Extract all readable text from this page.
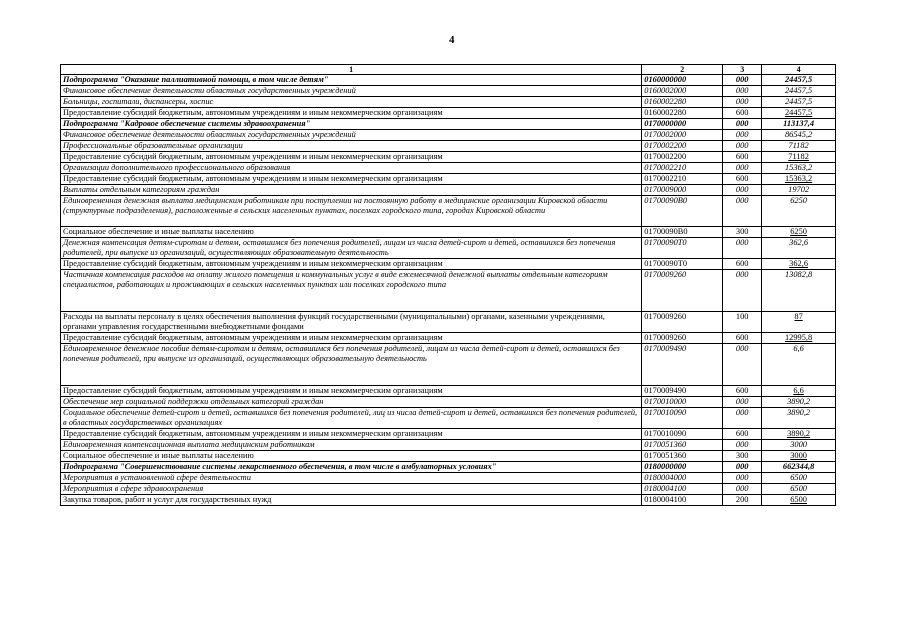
4
1	2	3	4
Подпрограмма "Оказание паллиативной помощи, в том числе детям"	0160000000	000	24457,5
Финансовое обеспечение деятельности областных государственных учреждений	0160002000	000	24457,5
Больницы, госпитали, диспансеры, хоспис	0160002280	000	24457,5
Предоставление субсидий бюджетным, автономным учреждениям и иным некоммерческим организациям	0160002280	600	24457,5
Подпрограмма "Кадровое обеспечение системы здравоохранения"	0170000000	000	113137,4
Финансовое обеспечение деятельности областных государственных учреждений	0170002000	000	86545,2
Профессиональные образовательные организации	0170002200	000	71182
Предоставление субсидий бюджетным, автономным учреждениям и иным некоммерческим организациям	0170002200	600	71182
Организации дополнительного профессионального образования	0170002210	000	15363,2
Предоставление субсидий бюджетным, автономным учреждениям и иным некоммерческим организациям	0170002210	600	15363,2
Выплаты отдельным категориям граждан	0170009000	000	19702
Единовременная денежная выплата медицинским работникам при поступлении на постоянную работу в медицинские организации Кировской области (структурные подразделения), расположенные в сельских населенных пунктах, поселках городского типа, городах Кировской области	01700090В0	000	6250
Социальное обеспечение и иные выплаты населению	01700090В0	300	6250
Денежная компенсация детям-сиротам и детям, оставшимся без попечения родителей, лицам из числа детей-сирот и детей, оставшихся без попечения родителей, при выпуске из организаций, осуществляющих образовательную деятельность	01700090Т0	000	362,6
Предоставление субсидий бюджетным, автономным учреждениям и иным некоммерческим организациям	01700090Т0	600	362,6
Частичная компенсация расходов на оплату жилого помещения и коммунальных услуг в виде ежемесячной денежной выплаты отдельным категориям специалистов, работающих и проживающих в сельских населенных пунктах или поселках городского типа	0170009260	000	13082,8
Расходы на выплаты персоналу в целях обеспечения выполнения функций государственными (муниципальными) органами, казенными учреждениями, органами управления государственными внебюджетными фондами	0170009260	100	87
Предоставление субсидий бюджетным, автономным учреждениям и иным некоммерческим организациям	0170009260	600	12995,8
Единовременное денежное пособие детям-сиротам и детям, оставшимся без попечения родителей, лицам из числа детей-сирот и детей, оставшихся без попечения родителей, при выпуске из организаций, осуществляющих образовательную деятельность	0170009490	000	6,6
Предоставление субсидий бюджетным, автономным учреждениям и иным некоммерческим организациям	0170009490	600	6,6
Обеспечение мер социальной поддержки отдельных категорий граждан	0170010000	000	3890,2
Социальное обеспечение детей-сирот и детей, оставшихся без попечения родителей, лиц из числа детей-сирот и детей, оставшихся без попечения родителей, в областных государственных организациях	0170010090	000	3890,2
Предоставление субсидий бюджетным, автономным учреждениям и иным некоммерческим организациям	0170010090	600	3890,2
Единовременная компенсационная выплата медицинским работникам	0170051360	000	3000
Социальное обеспечение и иные выплаты населению	0170051360	300	3000
Подпрограмма "Совершенствование системы лекарственного обеспечения, в том числе в амбулаторных условиях"	0180000000	000	662344,8
Мероприятия в установленной сфере деятельности	0180004000	000	6500
Мероприятия в сфере здравоохранения	0180004100	000	6500
Закупка товаров, работ и услуг для государственных нужд	0180004100	200	6500
